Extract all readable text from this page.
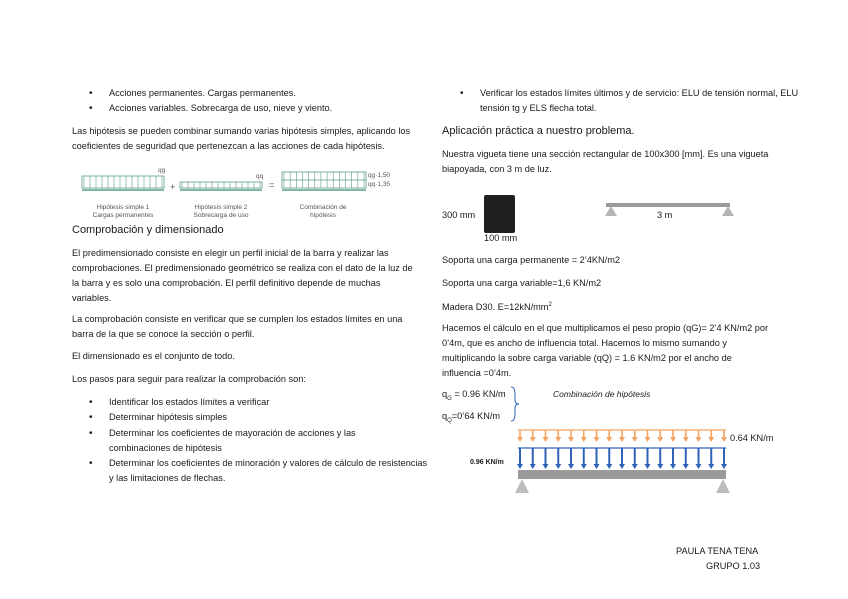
• Acciones permanentes. Cargas permanentes.
• Acciones variables. Sobrecarga de uso, nieve y viento.

Las hipótesis se pueden combinar sumando varias hipótesis simples, aplicando los coeficientes de seguridad que pertenezcan a las acciones de cada hipótesis.

qg
qq	qg·1,50
qq·1,35
+	=
Hipótesis simple 1
Cargas permanentes
Hipótesis simple 2
Sobrecarga de uso
Combinación de
hipótesis
Comprobación y dimensionado

El predimensionado consiste en elegir un perfil inicial de la barra y realizar las comprobaciones. El predimensionado geométrico se realiza con el dato de la luz de la barra y es solo una comprobación. El perfil definitivo depende de muchas variables.

La comprobación consiste en verificar que se cumplen los estados límites en una barra de la que se conoce la sección o perfil.

El dimensionado es el conjunto de todo.

Los pasos para seguir para realizar la comprobación son:

• Identificar los estados límites a verificar
• Determinar hipótesis simples
• Determinar los coeficientes de mayoración de acciones y las combinaciones de hipótesis
• Determinar los coeficientes de minoración y valores de cálculo de resistencias y las limitaciones de flechas.
• Verificar los estados límites últimos y de servicio: ELU de tensión normal, ELU tensión tg y ELS flecha total.
Aplicación práctica a nuestro problema.

Nuestra vigueta tiene una sección rectangular de 100x300 [mm]. Es una vigueta biapoyada, con 3 m de luz.

300 mm
100 mm
3 m

Soporta una carga permanente = 2’4KN/m2

Soporta una carga variable=1,6 KN/m2

Madera D30. $E=12kN/mm^2$

Hacemos el cálculo en el que multiplicamos el peso propio (qG)= 2’4 KN/m2 por 0’4m, que es ancho de influencia total. Hacemos lo mismo sumando y multiplicando la sobre carga variable (qQ) = 1.6 KN/m2 por el ancho de influencia =0’4m.

$q_G = 0.96$ KN/m
$q_Q=0’64$ KN/m
Combinación de hipótesis
0.64 KN/m
0.96 KN/m
PAULA TENA TENA
GRUPO 1.03
